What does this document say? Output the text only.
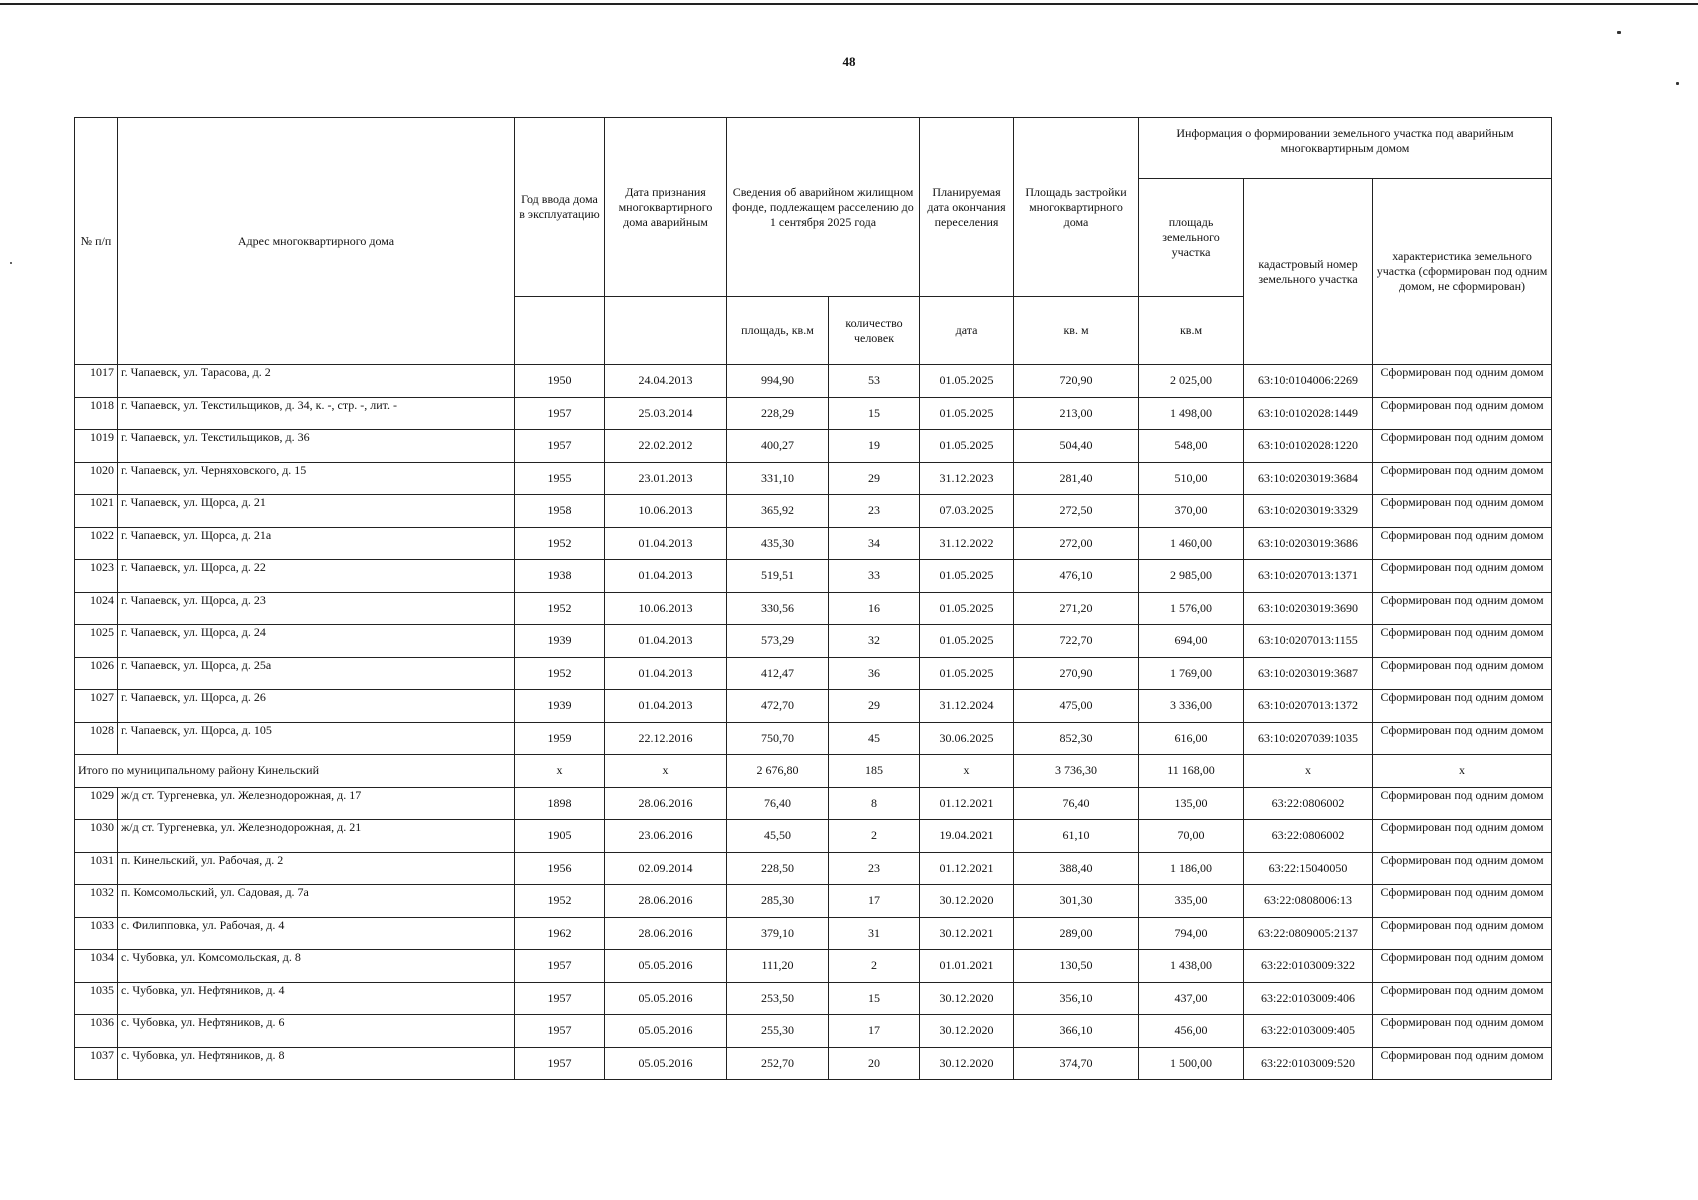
48
№ п/п	Адрес многоквартирного дома	Год ввода дома в эксплуатацию	Дата признания многоквартирного дома аварийным	Сведения об аварийном жилищном фонде, подлежащем расселению до 1 сентября 2025 года		Планируемая дата окончания переселения	Площадь застройки многоквартирного дома	Информация о формировании земельного участка под аварийным многоквартирным домом		
								площадь земельного участка	кадастровый номер земельного участка	характеристика земельного участка (сформирован под одним домом, не сформирован)
				площадь, кв.м	количество человек	дата	кв. м	кв.м		
1017	г. Чапаевск, ул. Тарасова, д. 2	1950	24.04.2013	994,90	53	01.05.2025	720,90	2 025,00	63:10:0104006:2269	Сформирован под одним домом
1018	г. Чапаевск, ул. Текстильщиков, д. 34, к. -, стр. -, лит. -	1957	25.03.2014	228,29	15	01.05.2025	213,00	1 498,00	63:10:0102028:1449	Сформирован под одним домом
1019	г. Чапаевск, ул. Текстильщиков, д. 36	1957	22.02.2012	400,27	19	01.05.2025	504,40	548,00	63:10:0102028:1220	Сформирован под одним домом
1020	г. Чапаевск, ул. Черняховского, д. 15	1955	23.01.2013	331,10	29	31.12.2023	281,40	510,00	63:10:0203019:3684	Сформирован под одним домом
1021	г. Чапаевск, ул. Щорса, д. 21	1958	10.06.2013	365,92	23	07.03.2025	272,50	370,00	63:10:0203019:3329	Сформирован под одним домом
1022	г. Чапаевск, ул. Щорса, д. 21а	1952	01.04.2013	435,30	34	31.12.2022	272,00	1 460,00	63:10:0203019:3686	Сформирован под одним домом
1023	г. Чапаевск, ул. Щорса, д. 22	1938	01.04.2013	519,51	33	01.05.2025	476,10	2 985,00	63:10:0207013:1371	Сформирован под одним домом
1024	г. Чапаевск, ул. Щорса, д. 23	1952	10.06.2013	330,56	16	01.05.2025	271,20	1 576,00	63:10:0203019:3690	Сформирован под одним домом
1025	г. Чапаевск, ул. Щорса, д. 24	1939	01.04.2013	573,29	32	01.05.2025	722,70	694,00	63:10:0207013:1155	Сформирован под одним домом
1026	г. Чапаевск, ул. Щорса, д. 25а	1952	01.04.2013	412,47	36	01.05.2025	270,90	1 769,00	63:10:0203019:3687	Сформирован под одним домом
1027	г. Чапаевск, ул. Щорса, д. 26	1939	01.04.2013	472,70	29	31.12.2024	475,00	3 336,00	63:10:0207013:1372	Сформирован под одним домом
1028	г. Чапаевск, ул. Щорса, д. 105	1959	22.12.2016	750,70	45	30.06.2025	852,30	616,00	63:10:0207039:1035	Сформирован под одним домом
Итого по муниципальному району Кинельский		x	x	2 676,80	185	x	3 736,30	11 168,00	x	x
1029	ж/д ст. Тургеневка, ул. Железнодорожная, д. 17	1898	28.06.2016	76,40	8	01.12.2021	76,40	135,00	63:22:0806002	Сформирован под одним домом
1030	ж/д ст. Тургеневка, ул. Железнодорожная, д. 21	1905	23.06.2016	45,50	2	19.04.2021	61,10	70,00	63:22:0806002	Сформирован под одним домом
1031	п. Кинельский, ул. Рабочая, д. 2	1956	02.09.2014	228,50	23	01.12.2021	388,40	1 186,00	63:22:15040050	Сформирован под одним домом
1032	п. Комсомольский, ул. Садовая, д. 7а	1952	28.06.2016	285,30	17	30.12.2020	301,30	335,00	63:22:0808006:13	Сформирован под одним домом
1033	с. Филипповка, ул. Рабочая, д. 4	1962	28.06.2016	379,10	31	30.12.2021	289,00	794,00	63:22:0809005:2137	Сформирован под одним домом
1034	с. Чубовка, ул. Комсомольская, д. 8	1957	05.05.2016	111,20	2	01.01.2021	130,50	1 438,00	63:22:0103009:322	Сформирован под одним домом
1035	с. Чубовка, ул. Нефтяников, д. 4	1957	05.05.2016	253,50	15	30.12.2020	356,10	437,00	63:22:0103009:406	Сформирован под одним домом
1036	с. Чубовка, ул. Нефтяников, д. 6	1957	05.05.2016	255,30	17	30.12.2020	366,10	456,00	63:22:0103009:405	Сформирован под одним домом
1037	с. Чубовка, ул. Нефтяников, д. 8	1957	05.05.2016	252,70	20	30.12.2020	374,70	1 500,00	63:22:0103009:520	Сформирован под одним домом
